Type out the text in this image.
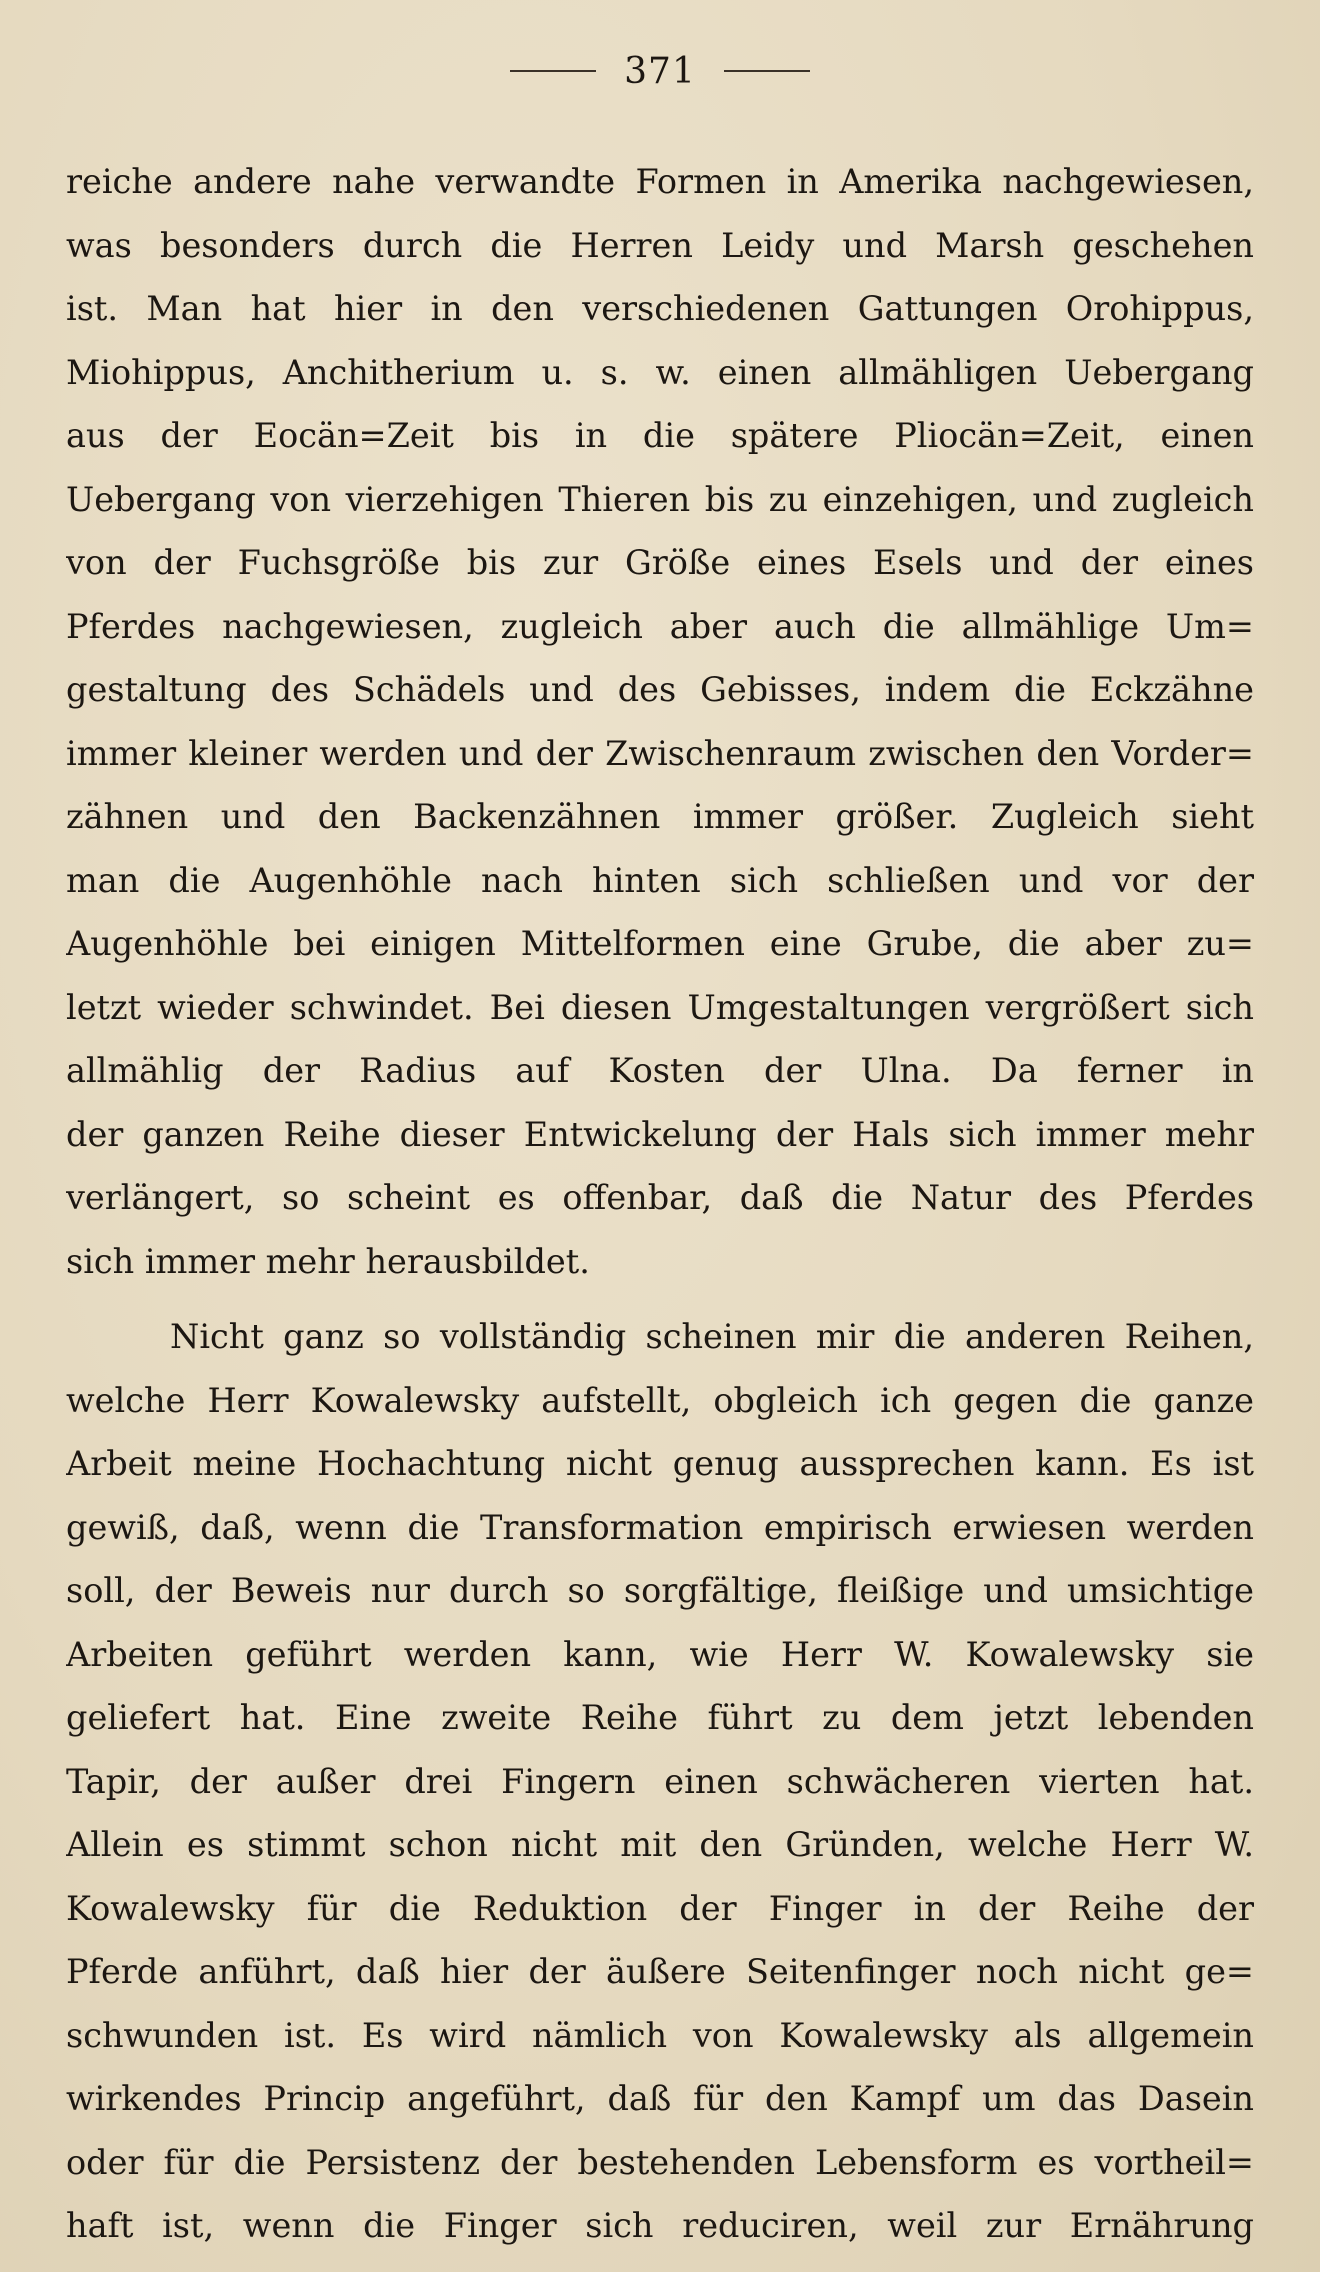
371

reiche andere nahe verwandte Formen in Amerika nachgewiesen,
was besonders durch die Herren Leidy und Marsh geschehen
ist. Man hat hier in den verschiedenen Gattungen Orohippus,
Miohippus, Anchitherium u. s. w. einen allmähligen Uebergang
aus der Eocän=Zeit bis in die spätere Pliocän=Zeit, einen
Uebergang von vierzehigen Thieren bis zu einzehigen, und zugleich
von der Fuchsgröße bis zur Größe eines Esels und der eines
Pferdes nachgewiesen, zugleich aber auch die allmählige Um=
gestaltung des Schädels und des Gebisses, indem die Eckzähne
immer kleiner werden und der Zwischenraum zwischen den Vorder=
zähnen und den Backenzähnen immer größer. Zugleich sieht
man die Augenhöhle nach hinten sich schließen und vor der
Augenhöhle bei einigen Mittelformen eine Grube, die aber zu=
letzt wieder schwindet. Bei diesen Umgestaltungen vergrößert sich
allmählig der Radius auf Kosten der Ulna. Da ferner in
der ganzen Reihe dieser Entwickelung der Hals sich immer mehr
verlängert, so scheint es offenbar, daß die Natur des Pferdes
sich immer mehr herausbildet.

Nicht ganz so vollständig scheinen mir die anderen Reihen,
welche Herr Kowalewsky aufstellt, obgleich ich gegen die ganze
Arbeit meine Hochachtung nicht genug aussprechen kann. Es ist
gewiß, daß, wenn die Transformation empirisch erwiesen werden
soll, der Beweis nur durch so sorgfältige, fleißige und umsichtige
Arbeiten geführt werden kann, wie Herr W. Kowalewsky sie
geliefert hat. Eine zweite Reihe führt zu dem jetzt lebenden
Tapir, der außer drei Fingern einen schwächeren vierten hat.
Allein es stimmt schon nicht mit den Gründen, welche Herr W.
Kowalewsky für die Reduktion der Finger in der Reihe der
Pferde anführt, daß hier der äußere Seitenfinger noch nicht ge=
schwunden ist. Es wird nämlich von Kowalewsky als allgemein
wirkendes Princip angeführt, daß für den Kampf um das Dasein
oder für die Persistenz der bestehenden Lebensform es vortheil=
haft ist, wenn die Finger sich reduciren, weil zur Ernährung
